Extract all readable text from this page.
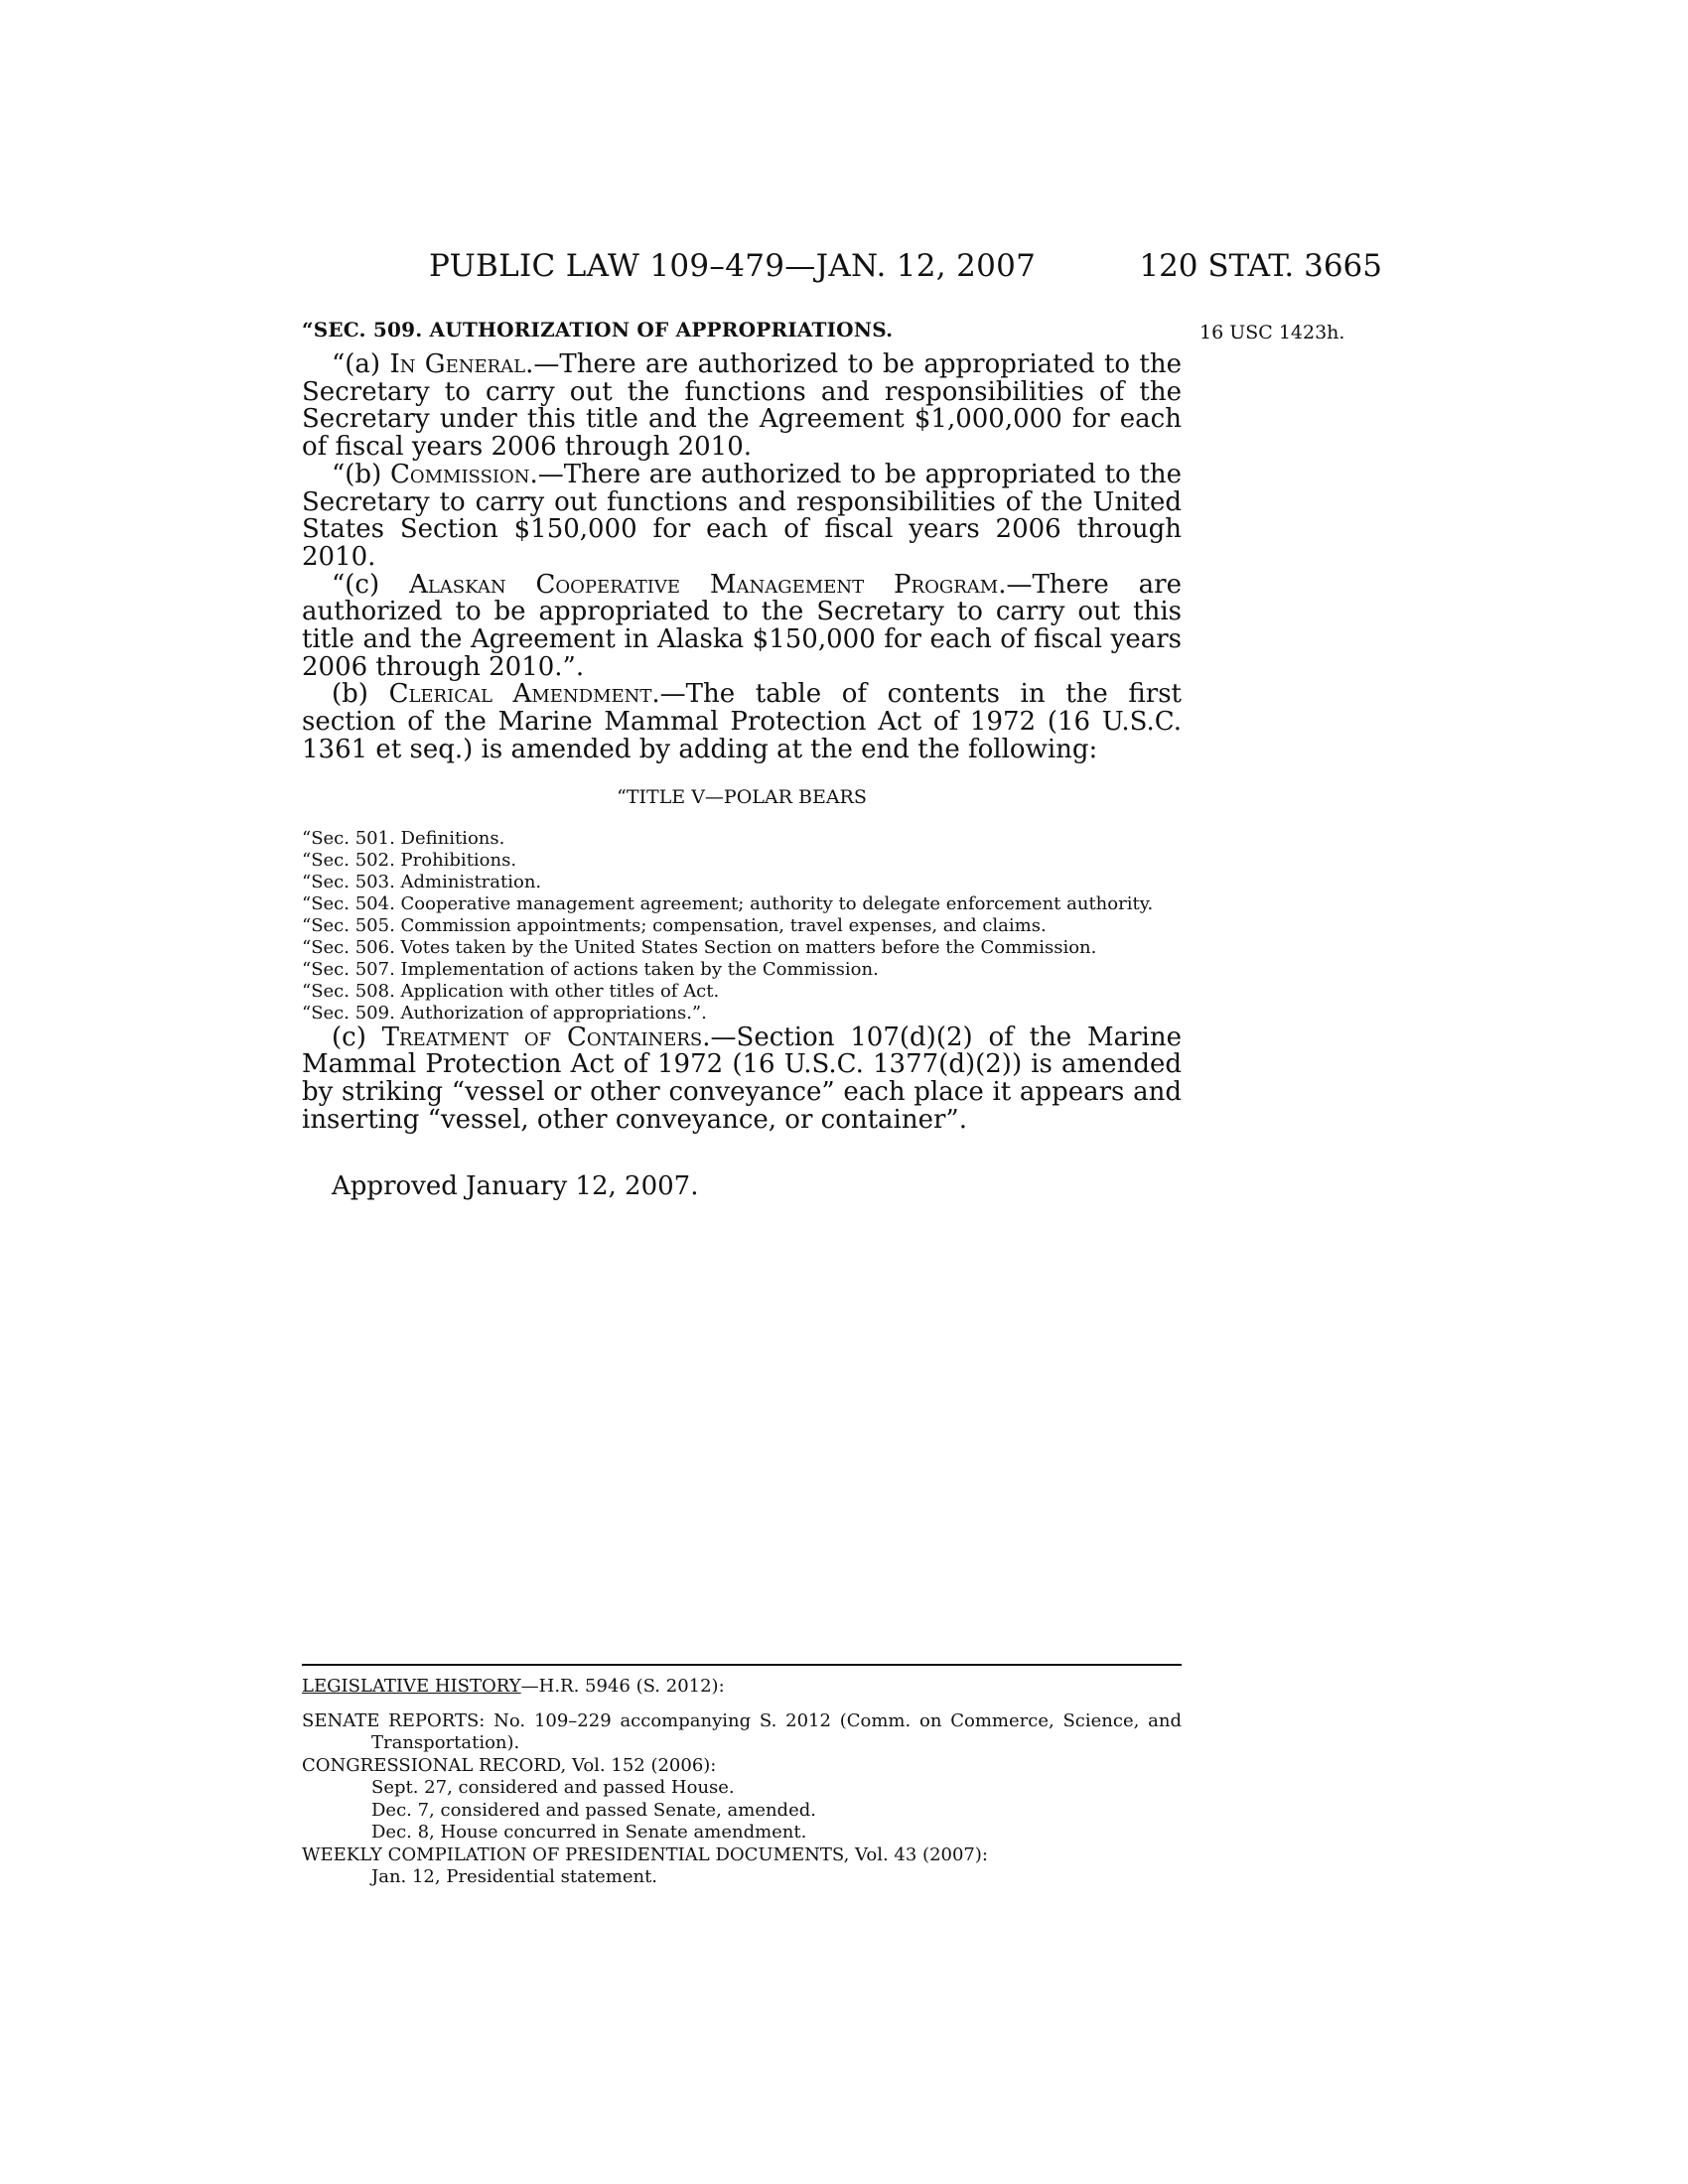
PUBLIC LAW 109–479—JAN. 12, 2007	120 STAT. 3665
16 USC 1423h.
“SEC. 509. AUTHORIZATION OF APPROPRIATIONS.

“(a) In General.—There are authorized to be appropriated to the Secretary to carry out the functions and responsibilities of the Secretary under this title and the Agreement $1,000,000 for each of fiscal years 2006 through 2010.

“(b) Commission.—There are authorized to be appropriated to the Secretary to carry out functions and responsibilities of the United States Section $150,000 for each of fiscal years 2006 through 2010.

“(c) Alaskan Cooperative Management Program.—There are authorized to be appropriated to the Secretary to carry out this title and the Agreement in Alaska $150,000 for each of fiscal years 2006 through 2010.”.

(b) Clerical Amendment.—The table of contents in the first section of the Marine Mammal Protection Act of 1972 (16 U.S.C. 1361 et seq.) is amended by adding at the end the following:

“TITLE V—POLAR BEARS

“Sec. 501. Definitions.

“Sec. 502. Prohibitions.

“Sec. 503. Administration.

“Sec. 504. Cooperative management agreement; authority to delegate enforcement authority.

“Sec. 505. Commission appointments; compensation, travel expenses, and claims.

“Sec. 506. Votes taken by the United States Section on matters before the Commission.

“Sec. 507. Implementation of actions taken by the Commission.

“Sec. 508. Application with other titles of Act.

“Sec. 509. Authorization of appropriations.”.

(c) Treatment of Containers.—Section 107(d)(2) of the Marine Mammal Protection Act of 1972 (16 U.S.C. 1377(d)(2)) is amended by striking “vessel or other conveyance” each place it appears and inserting “vessel, other conveyance, or container”.

Approved January 12, 2007.

LEGISLATIVE HISTORY—H.R. 5946 (S. 2012):

SENATE REPORTS: No. 109–229 accompanying S. 2012 (Comm. on Commerce, Science, and Transportation).

CONGRESSIONAL RECORD, Vol. 152 (2006):

Sept. 27, considered and passed House.

Dec. 7, considered and passed Senate, amended.

Dec. 8, House concurred in Senate amendment.

WEEKLY COMPILATION OF PRESIDENTIAL DOCUMENTS, Vol. 43 (2007):

Jan. 12, Presidential statement.
